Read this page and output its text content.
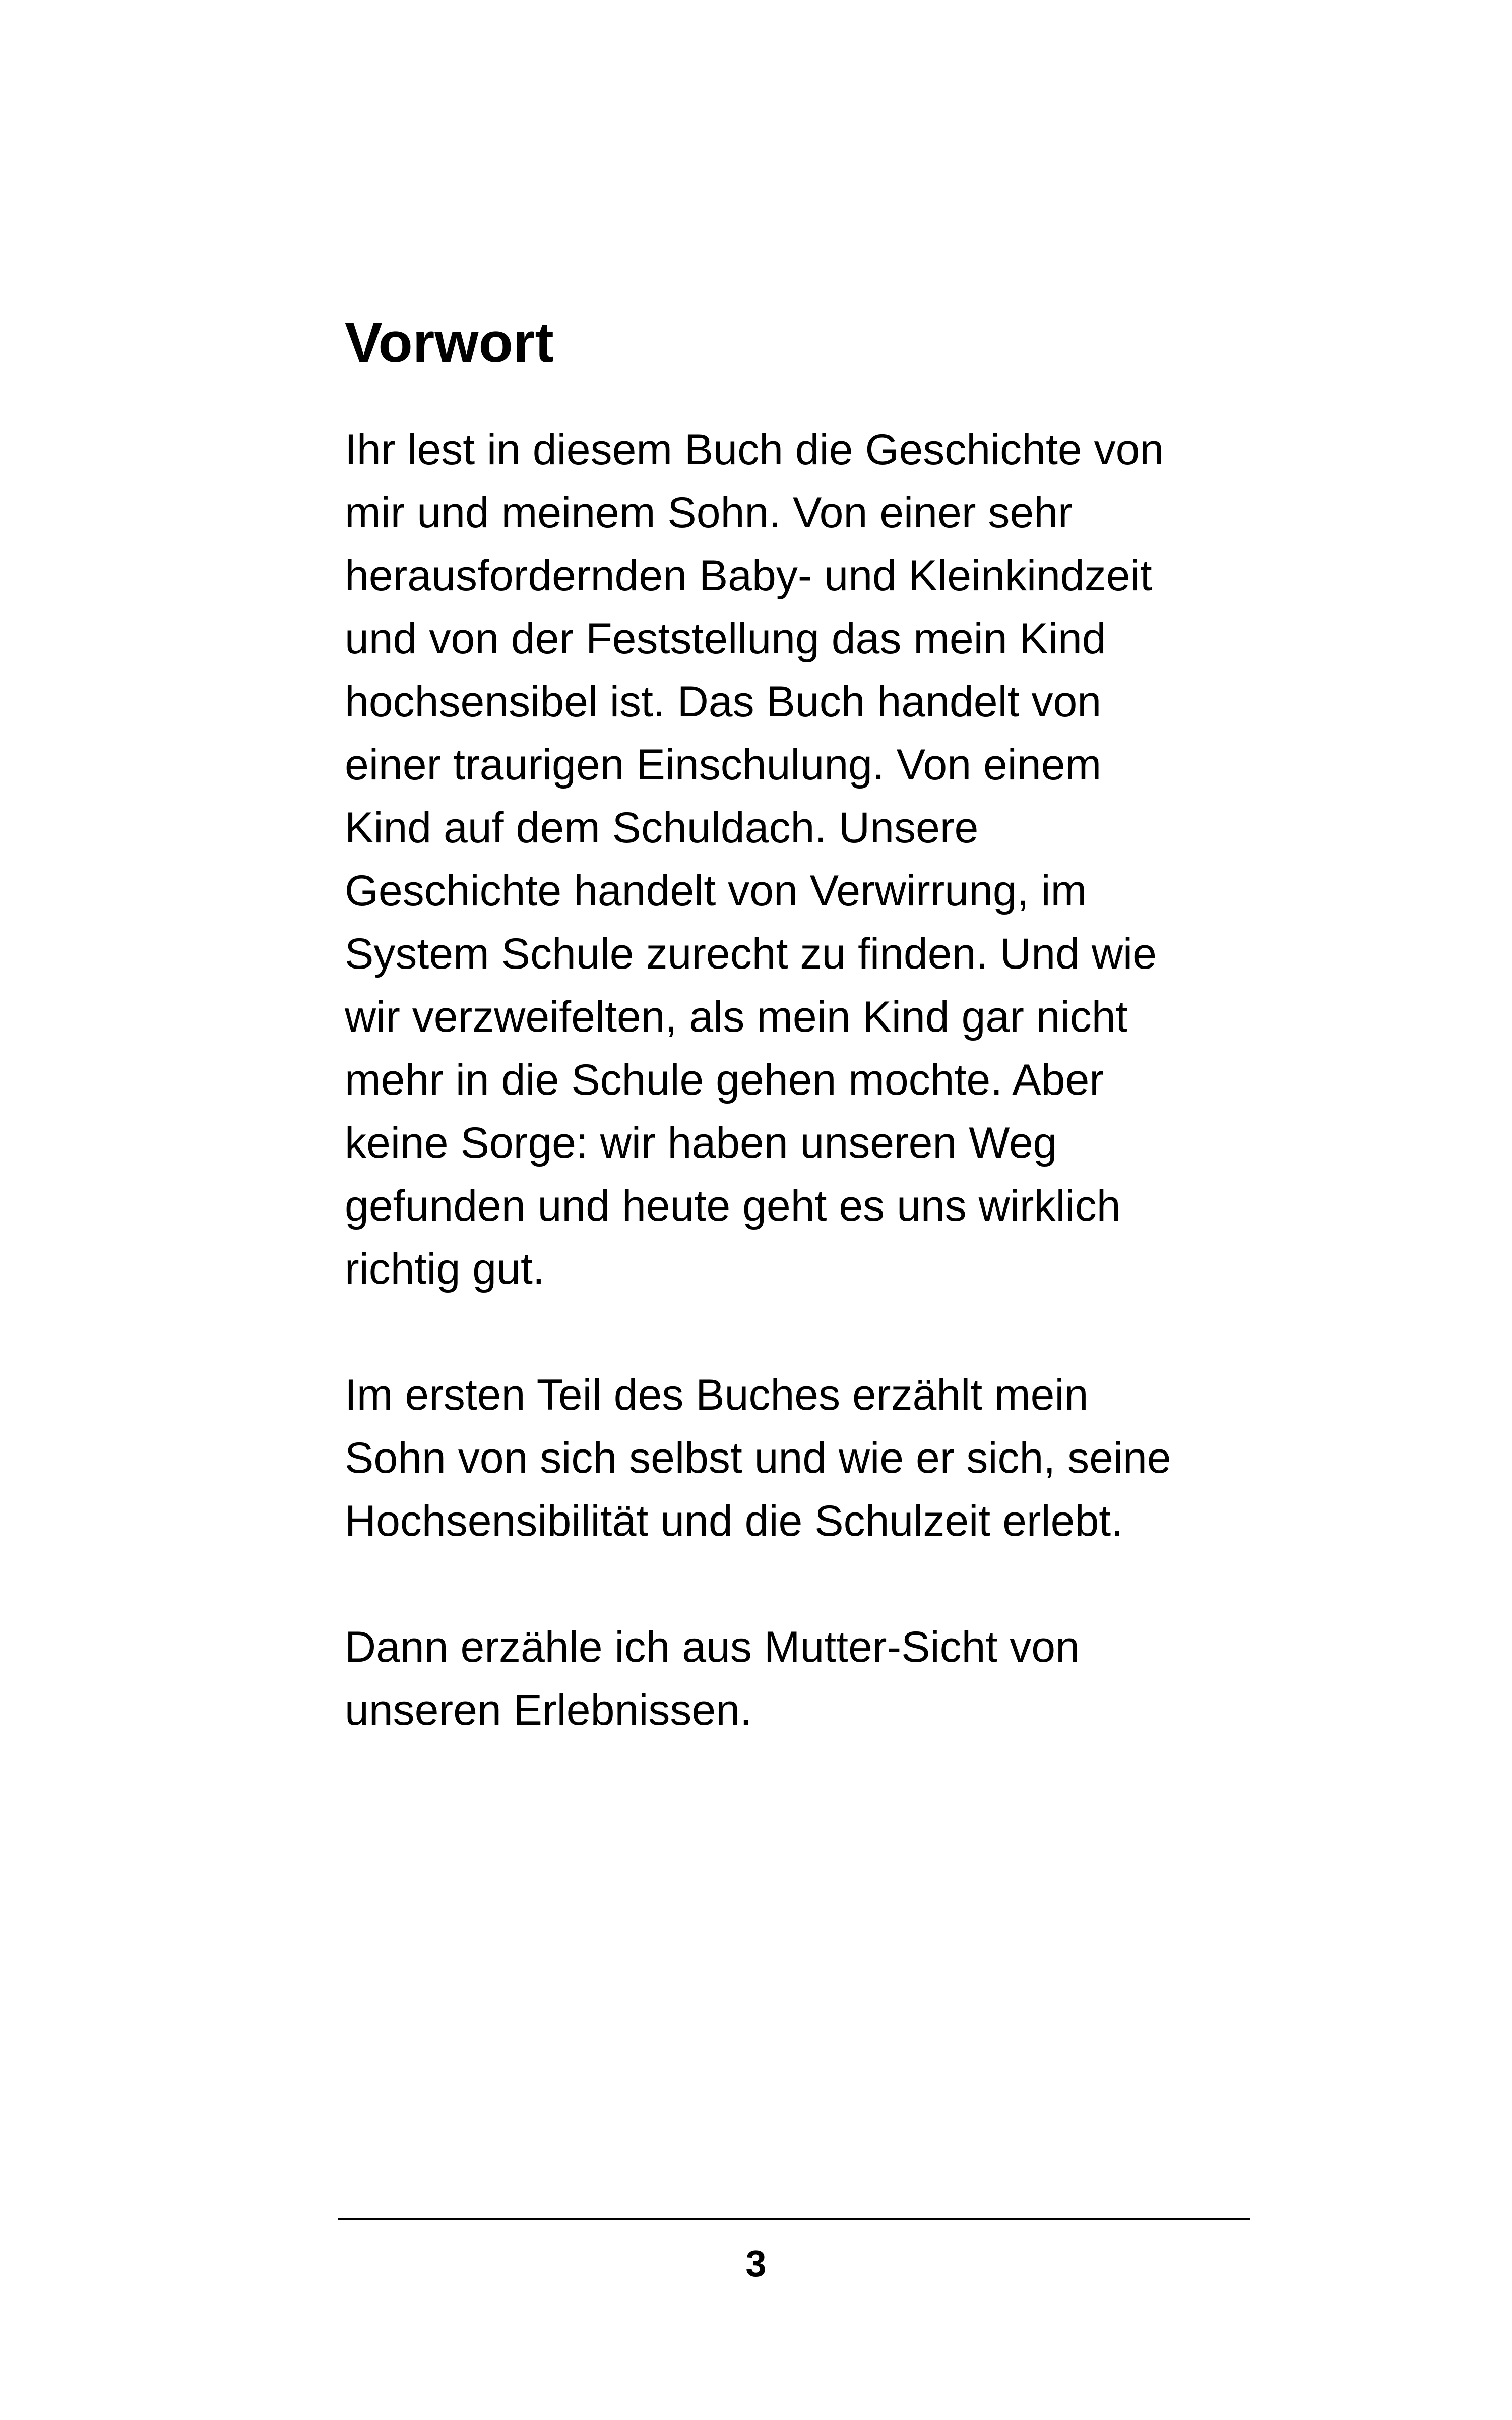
Vorwort
Ihr lest in diesem Buch die Geschichte von
mir und meinem Sohn. Von einer sehr
herausfordernden Baby- und Kleinkindzeit
und von der Feststellung das mein Kind
hochsensibel ist. Das Buch handelt von
einer traurigen Einschulung. Von einem
Kind auf dem Schuldach. Unsere
Geschichte handelt von Verwirrung, im
System Schule zurecht zu finden. Und wie
wir verzweifelten, als mein Kind gar nicht
mehr in die Schule gehen mochte. Aber
keine Sorge: wir haben unseren Weg
gefunden und heute geht es uns wirklich
richtig gut.
Im ersten Teil des Buches erzählt mein
Sohn von sich selbst und wie er sich, seine
Hochsensibilität und die Schulzeit erlebt.
Dann erzähle ich aus Mutter-Sicht von
unseren Erlebnissen.
3
